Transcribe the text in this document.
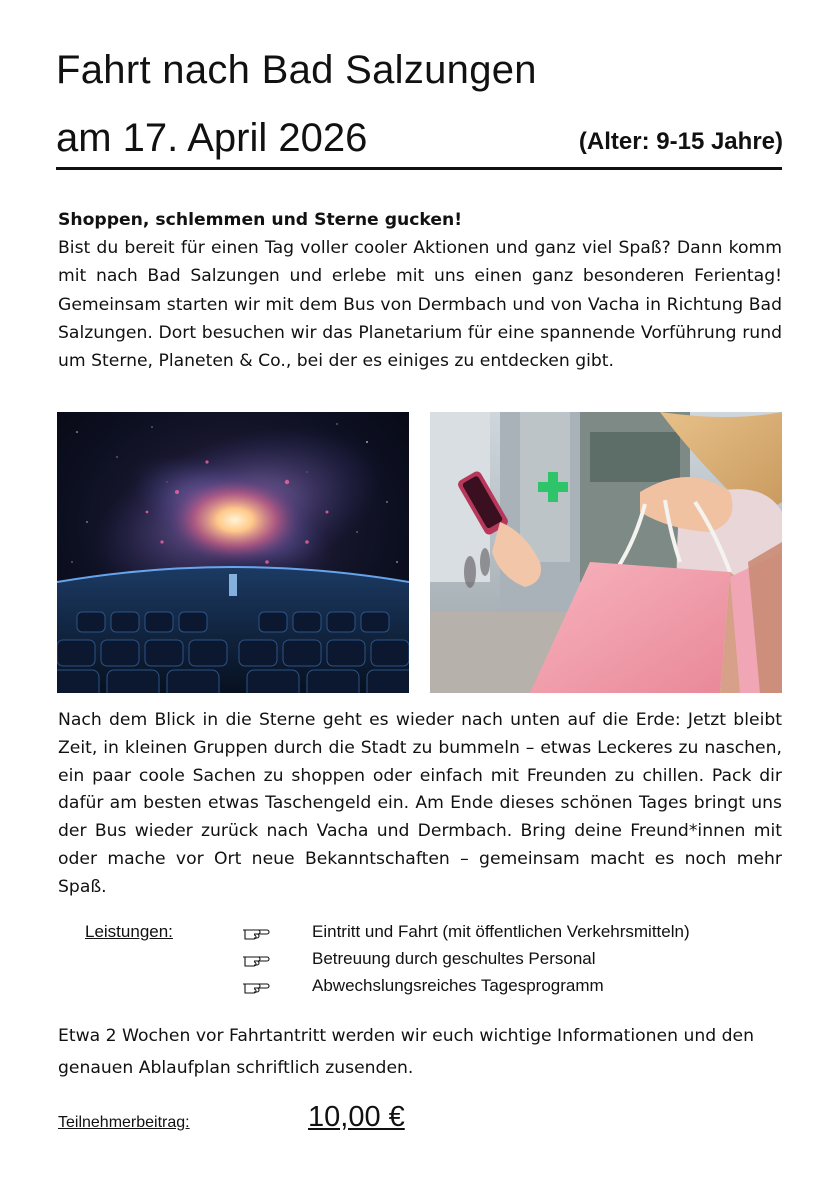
Fahrt nach Bad Salzungen
am 17. April 2026	(Alter: 9-15 Jahre)
Shoppen, schlemmen und Sterne gucken!
Bist du bereit für einen Tag voller cooler Aktionen und ganz viel Spaß? Dann komm mit nach Bad Salzungen und erlebe mit uns einen ganz besonderen Ferientag! Gemeinsam starten wir mit dem Bus von Dermbach und von Vacha in Richtung Bad Salzungen. Dort besuchen wir das Planetarium für eine spannende Vorführung rund um Sterne, Planeten & Co., bei der es einiges zu entdecken gibt.

Nach dem Blick in die Sterne geht es wieder nach unten auf die Erde: Jetzt bleibt Zeit, in kleinen Gruppen durch die Stadt zu bummeln – etwas Leckeres zu naschen, ein paar coole Sachen zu shoppen oder einfach mit Freunden zu chillen. Pack dir dafür am besten etwas Taschengeld ein. Am Ende dieses schönen Tages bringt uns der Bus wieder zurück nach Vacha und Dermbach. Bring deine Freund*innen mit oder mache vor Ort neue Bekanntschaften – gemeinsam macht es noch mehr Spaß.

Leistungen:	Eintritt und Fahrt (mit öffentlichen Verkehrsmitteln)
Betreuung durch geschultes Personal
Abwechslungsreiches Tagesprogramm

Etwa 2 Wochen vor Fahrtantritt werden wir euch wichtige Informationen und den genauen Ablaufplan schriftlich zusenden.

Teilnehmerbeitrag:	10,00 €
